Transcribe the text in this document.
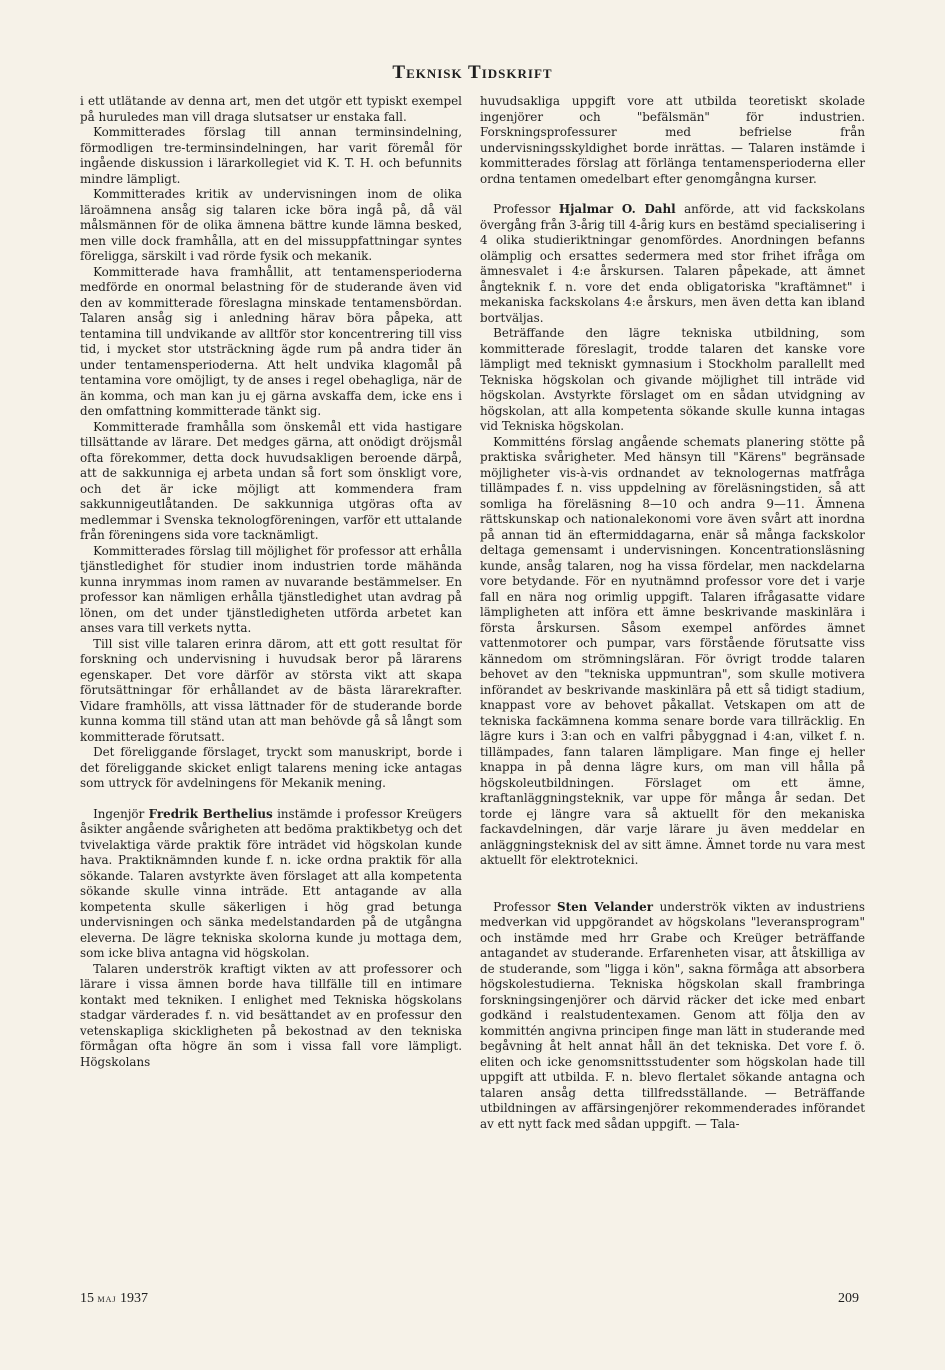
Teknisk Tidskrift

i ett utlätande av denna art, men det utgör ett typiskt exempel på huruledes man vill draga slutsatser ur enstaka fall.

Kommitterades förslag till annan terminsindelning, förmodligen tre-terminsindelningen, har varit föremål för ingående diskussion i lärarkollegiet vid K. T. H. och befunnits mindre lämpligt.

Kommitterades kritik av undervisningen inom de olika läroämnena ansåg sig talaren icke böra ingå på, då väl målsmännen för de olika ämnena bättre kunde lämna besked, men ville dock framhålla, att en del missuppfattningar syntes föreligga, särskilt i vad rörde fysik och mekanik.

Kommitterade hava framhållit, att tentamensperioderna medförde en onormal belastning för de studerande även vid den av kommitterade föreslagna minskade tentamensbördan. Talaren ansåg sig i anledning härav böra påpeka, att tentamina till undvikande av alltför stor koncentrering till viss tid, i mycket stor utsträckning ägde rum på andra tider än under tentamensperioderna. Att helt undvika klagomål på tentamina vore omöjligt, ty de anses i regel obehagliga, när de än komma, och man kan ju ej gärna avskaffa dem, icke ens i den omfattning kommitterade tänkt sig.

Kommitterade framhålla som önskemål ett vida hastigare tillsättande av lärare. Det medges gärna, att onödigt dröjsmål ofta förekommer, detta dock huvudsakligen beroende därpå, att de sakkunniga ej arbeta undan så fort som önskligt vore, och det är icke möjligt att kommendera fram sakkunnigeutlåtanden. De sakkunniga utgöras ofta av medlemmar i Svenska teknologföreningen, varför ett uttalande från föreningens sida vore tacknämligt.

Kommitterades förslag till möjlighet för professor att erhålla tjänstledighet för studier inom industrien torde mähända kunna inrymmas inom ramen av nuvarande bestämmelser. En professor kan nämligen erhålla tjänstledighet utan avdrag på lönen, om det under tjänstledigheten utförda arbetet kan anses vara till verkets nytta.

Till sist ville talaren erinra därom, att ett gott resultat för forskning och undervisning i huvudsak beror på lärarens egenskaper. Det vore därför av största vikt att skapa förutsättningar för erhållandet av de bästa lärarekrafter. Vidare framhölls, att vissa lättnader för de studerande borde kunna komma till ständ utan att man behövde gå så långt som kommitterade förutsatt.

Det föreliggande förslaget, tryckt som manuskript, borde i det föreliggande skicket enligt talarens mening icke antagas som uttryck för avdelningens för Mekanik mening.

Ingenjör Fredrik Berthelius instämde i professor Kreügers åsikter angående svårigheten att bedöma praktikbetyg och det tvivelaktiga värde praktik före inträdet vid högskolan kunde hava. Praktiknämnden kunde f. n. icke ordna praktik för alla sökande. Talaren avstyrkte även förslaget att alla kompetenta sökande skulle vinna inträde. Ett antagande av alla kompetenta skulle säkerligen i hög grad betunga undervisningen och sänka medelstandarden på de utgångna eleverna. De lägre tekniska skolorna kunde ju mottaga dem, som icke bliva antagna vid högskolan.

Talaren underströk kraftigt vikten av att professorer och lärare i vissa ämnen borde hava tillfälle till en intimare kontakt med tekniken. I enlighet med Tekniska högskolans stadgar värderades f. n. vid besättandet av en professur den vetenskapliga skickligheten på bekostnad av den tekniska förmågan ofta högre än som i vissa fall vore lämpligt. Högskolans

huvudsakliga uppgift vore att utbilda teoretiskt skolade ingenjörer och "befälsmän" för industrien. Forskningsprofessurer med befrielse från undervisningsskyldighet borde inrättas. — Talaren instämde i kommitterades förslag att förlänga tentamensperioderna eller ordna tentamen omedelbart efter genomgångna kurser.

Professor Hjalmar O. Dahl anförde, att vid fackskolans övergång från 3-årig till 4-årig kurs en bestämd specialisering i 4 olika studieriktningar genomfördes. Anordningen befanns olämplig och ersattes sedermera med stor frihet ifråga om ämnesvalet i 4:e årskursen. Talaren påpekade, att ämnet ångteknik f. n. vore det enda obligatoriska "kraftämnet" i mekaniska fackskolans 4:e årskurs, men även detta kan ibland bortväljas.

Beträffande den lägre tekniska utbildning, som kommitterade föreslagit, trodde talaren det kanske vore lämpligt med tekniskt gymnasium i Stockholm parallellt med Tekniska högskolan och givande möjlighet till inträde vid högskolan. Avstyrkte förslaget om en sådan utvidgning av högskolan, att alla kompetenta sökande skulle kunna intagas vid Tekniska högskolan.

Kommitténs förslag angående schemats planering stötte på praktiska svårigheter. Med hänsyn till "Kärens" begränsade möjligheter vis-à-vis ordnandet av teknologernas matfråga tillämpades f. n. viss uppdelning av föreläsningstiden, så att somliga ha föreläsning 8—10 och andra 9—11. Ämnena rättskunskap och nationalekonomi vore även svårt att inordna på annan tid än eftermiddagarna, enär så många fackskolor deltaga gemensamt i undervisningen. Koncentrationsläsning kunde, ansåg talaren, nog ha vissa fördelar, men nackdelarna vore betydande. För en nyutnämnd professor vore det i varje fall en nära nog orimlig uppgift. Talaren ifrågasatte vidare lämpligheten att införa ett ämne beskrivande maskinlära i första årskursen. Såsom exempel anfördes ämnet vattenmotorer och pumpar, vars förstående förutsatte viss kännedom om strömningsläran. För övrigt trodde talaren behovet av den "tekniska uppmuntran", som skulle motivera införandet av beskrivande maskinlära på ett så tidigt stadium, knappast vore av behovet påkallat. Vetskapen om att de tekniska fackämnena komma senare borde vara tillräcklig. En lägre kurs i 3:an och en valfri påbyggnad i 4:an, vilket f. n. tillämpades, fann talaren lämpligare. Man finge ej heller knappa in på denna lägre kurs, om man vill hålla på högskoleutbildningen. Förslaget om ett ämne, kraftanläggningsteknik, var uppe för många år sedan. Det torde ej längre vara så aktuellt för den mekaniska fackavdelningen, där varje lärare ju även meddelar en anläggningsteknisk del av sitt ämne. Ämnet torde nu vara mest aktuellt för elektroteknici.

Professor Sten Velander underströk vikten av industriens medverkan vid uppgörandet av högskolans "leveransprogram" och instämde med hrr Grabe och Kreüger beträffande antagandet av studerande. Erfarenheten visar, att åtskilliga av de studerande, som "ligga i kön", sakna förmåga att absorbera högskolestudierna. Tekniska högskolan skall frambringa forskningsingenjörer och därvid räcker det icke med enbart godkänd i realstudentexamen. Genom att följa den av kommittén angivna principen finge man lätt in studerande med begåvning åt helt annat håll än det tekniska. Det vore f. ö. eliten och icke genomsnittsstudenter som högskolan hade till uppgift att utbilda. F. n. blevo flertalet sökande antagna och talaren ansåg detta tillfredsställande. — Beträffande utbildningen av affärsingenjörer rekommenderades införandet av ett nytt fack med sådan uppgift. — Tala-

15 maj 1937	209
